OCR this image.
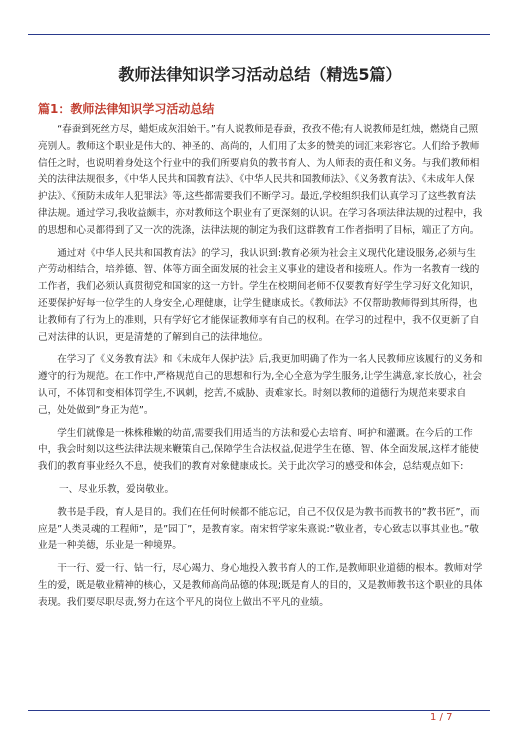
教师法律知识学习活动总结（精选5篇）
篇1：教师法律知识学习活动总结

“春蚕到死丝方尽，蜡炬成灰泪始干。”有人说教师是春蚕，孜孜不倦;有人说教师是红烛，燃烧自己照亮别人。教师这个职业是伟大的、神圣的、高尚的，人们用了太多的赞美的词汇来彩容它。人们给予教师信任之时，也说明着身处这个行业中的我们所要肩负的教书育人、为人师表的责任和义务。与我们教师相关的法律法规很多，《中华人民共和国教育法》、《中华人民共和国教师法》、《义务教育法》、《未成年人保护法》、《预防未成年人犯罪法》等,这些都需要我们不断学习。最近,学校组织我们认真学习了这些教育法律法规。通过学习,我收益颇丰，亦对教师这个职业有了更深刻的认识。在学习各项法律法规的过程中，我的思想和心灵都得到了又一次的洗涤，法律法规的制定为我们这群教育工作者指明了目标，端正了方向。

通过对《中华人民共和国教育法》的学习，我认识到:教育必须为社会主义现代化建设服务,必须与生产劳动相结合，培养德、智、体等方面全面发展的社会主义事业的建设者和接班人。作为一名教育一线的工作者，我们必须认真贯彻党和国家的这一方针。学生在校期间老师不仅要教育好学生学习好文化知识，还要保护好每一位学生的人身安全,心理健康，让学生健康成长。《教师法》不仅帮助教师得到其所得，也让教师有了行为上的准则，只有学好它才能保证教师享有自己的权利。在学习的过程中，我不仅更新了自己对法律的认识，更是清楚的了解到自己的法律地位。

在学习了《义务教育法》和《未成年人保护法》后,我更加明确了作为一名人民教师应该履行的义务和遵守的行为规范。在工作中,严格规范自己的思想和行为,全心全意为学生服务,让学生满意,家长放心，社会认可，不体罚和变相体罚学生,不讽刺，挖苦,不威胁、责难家长。时刻以教师的道德行为规范来要求自己，处处做到”身正为范”。

学生们就像是一株株稚嫩的幼苗,需要我们用适当的方法和爱心去培育、呵护和灌溉。在今后的工作中，我会时刻以这些法律法规来鞭策自己,保障学生合法权益,促进学生在德、智、体全面发展,这样才能使我们的教育事业经久不息，使我们的教育对象健康成长。关于此次学习的感受和体会，总结观点如下:

一、尽业乐教，爱岗敬业。

教书是手段，育人是目的。我们在任何时候都不能忘记，自己不仅仅是为教书而教书的”教书匠”，而应是”人类灵魂的工程师”，是”园丁”，是教育家。南宋哲学家朱熹说:”敬业者，专心致志以事其业也。”敬业是一种美德，乐业是一种境界。

干一行、爱一行、钻一行，尽心竭力、身心地投入教书育人的工作,是教师职业道德的根本。教师对学生的爱，既是敬业精神的核心，又是教师高尚品德的体现;既是育人的目的，又是教师教书这个职业的具体表现。我们要尽职尽责,努力在这个平凡的岗位上做出不平凡的业绩。

1 / 7
